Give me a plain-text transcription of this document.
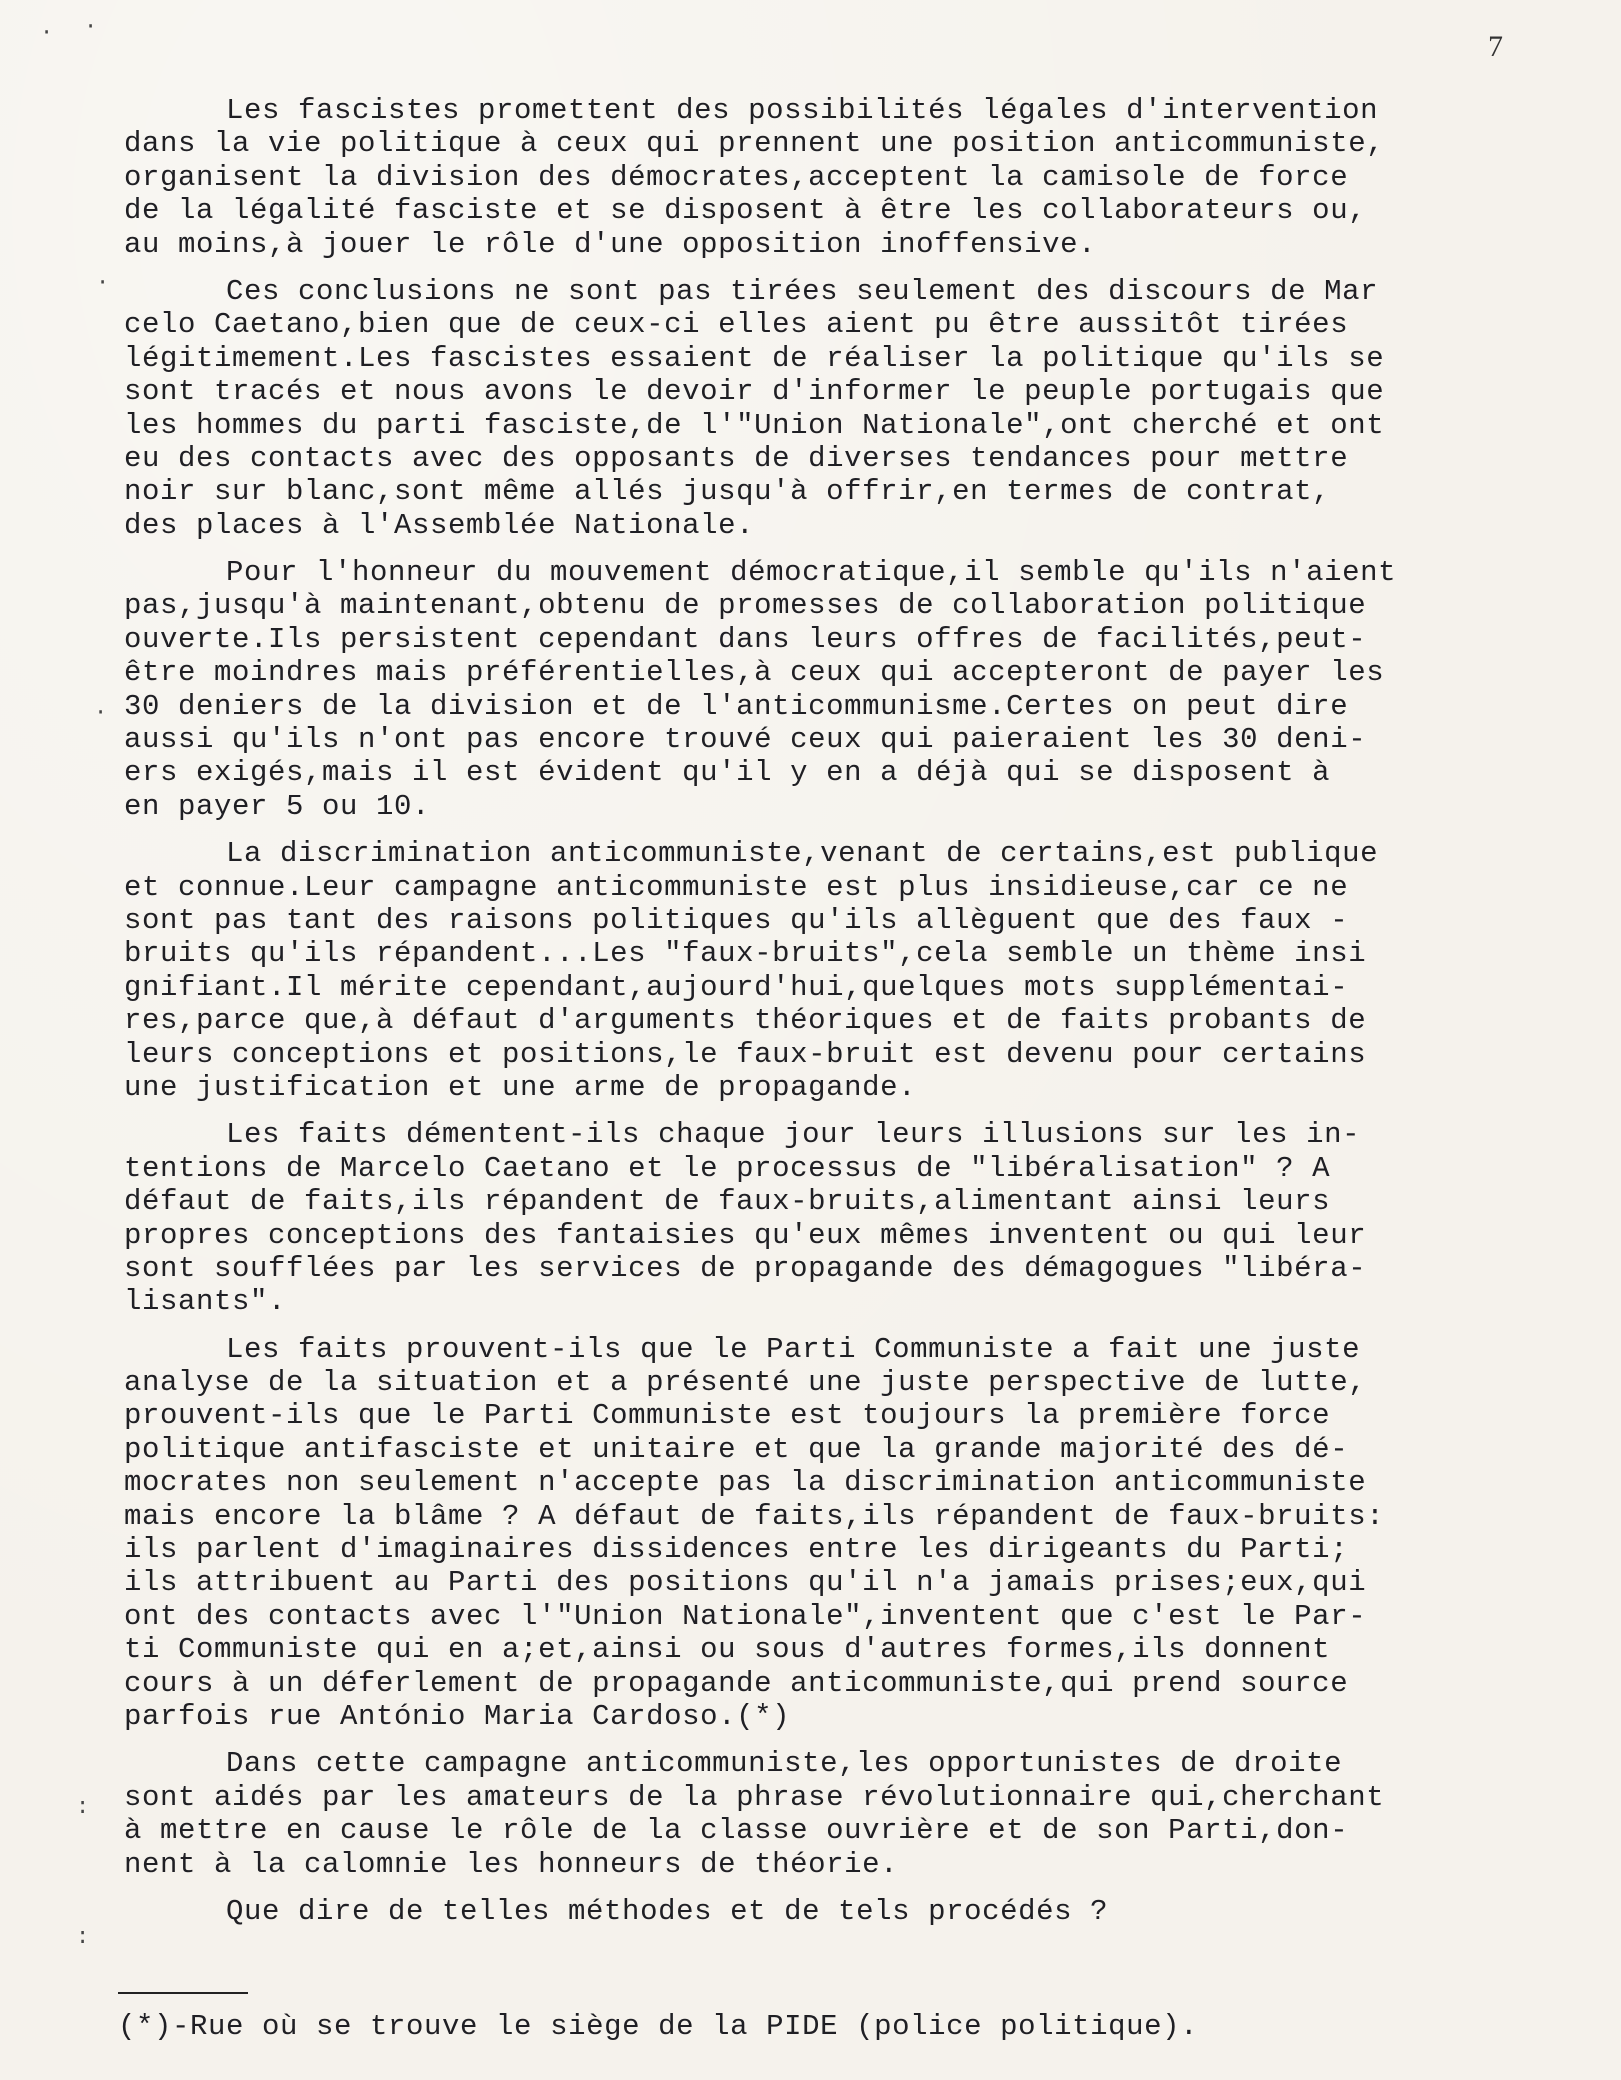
7
· ·
·
·
:
:
Les fascistes promettent des possibilités légales d'intervention
dans la vie politique à ceux qui prennent une position anticommuniste,
organisent la division des démocrates,acceptent la camisole de force
de la légalité fasciste et se disposent à être les collaborateurs ou,
au moins,à jouer le rôle d'une opposition inoffensive.
Ces conclusions ne sont pas tirées seulement des discours de Mar
celo Caetano,bien que de ceux-ci elles aient pu être aussitôt tirées
légitimement.Les fascistes essaient de réaliser la politique qu'ils se
sont tracés et nous avons le devoir d'informer le peuple portugais que
les hommes du parti fasciste,de l'"Union Nationale",ont cherché et ont
eu des contacts avec des opposants de diverses tendances pour mettre
noir sur blanc,sont même allés jusqu'à offrir,en termes de contrat,
des places à l'Assemblée Nationale.
Pour l'honneur du mouvement démocratique,il semble qu'ils n'aient
pas,jusqu'à maintenant,obtenu de promesses de collaboration politique
ouverte.Ils persistent cependant dans leurs offres de facilités,peut-
être moindres mais préférentielles,à ceux qui accepteront de payer les
30 deniers de la division et de l'anticommunisme.Certes on peut dire
aussi qu'ils n'ont pas encore trouvé ceux qui paieraient les 30 deni-
ers exigés,mais il est évident qu'il y en a déjà qui se disposent à
en payer 5 ou 10.
La discrimination anticommuniste,venant de certains,est publique
et connue.Leur campagne anticommuniste est plus insidieuse,car ce ne
sont pas tant des raisons politiques qu'ils allèguent que des faux -
bruits qu'ils répandent...Les "faux-bruits",cela semble un thème insi
gnifiant.Il mérite cependant,aujourd'hui,quelques mots supplémentai-
res,parce que,à défaut d'arguments théoriques et de faits probants de
leurs conceptions et positions,le faux-bruit est devenu pour certains
une justification et une arme de propagande.
Les faits démentent-ils chaque jour leurs illusions sur les in-
tentions de Marcelo Caetano et le processus de "libéralisation" ? A
défaut de faits,ils répandent de faux-bruits,alimentant ainsi leurs
propres conceptions des fantaisies qu'eux mêmes inventent ou qui leur
sont soufflées par les services de propagande des démagogues "libéra-
lisants".
Les faits prouvent-ils que le Parti Communiste a fait une juste
analyse de la situation et a présenté une juste perspective de lutte,
prouvent-ils que le Parti Communiste est toujours la première force
politique antifasciste et unitaire et que la grande majorité des dé-
mocrates non seulement n'accepte pas la discrimination anticommuniste
mais encore la blâme ? A défaut de faits,ils répandent de faux-bruits:
ils parlent d'imaginaires dissidences entre les dirigeants du Parti;
ils attribuent au Parti des positions qu'il n'a jamais prises;eux,qui
ont des contacts avec l'"Union Nationale",inventent que c'est le Par-
ti Communiste qui en a;et,ainsi ou sous d'autres formes,ils donnent
cours à un déferlement de propagande anticommuniste,qui prend source
parfois rue António Maria Cardoso.(*)
Dans cette campagne anticommuniste,les opportunistes de droite
sont aidés par les amateurs de la phrase révolutionnaire qui,cherchant
à mettre en cause le rôle de la classe ouvrière et de son Parti,don-
nent à la calomnie les honneurs de théorie.
Que dire de telles méthodes et de tels procédés ?
(*)-Rue où se trouve le siège de la PIDE (police politique).
